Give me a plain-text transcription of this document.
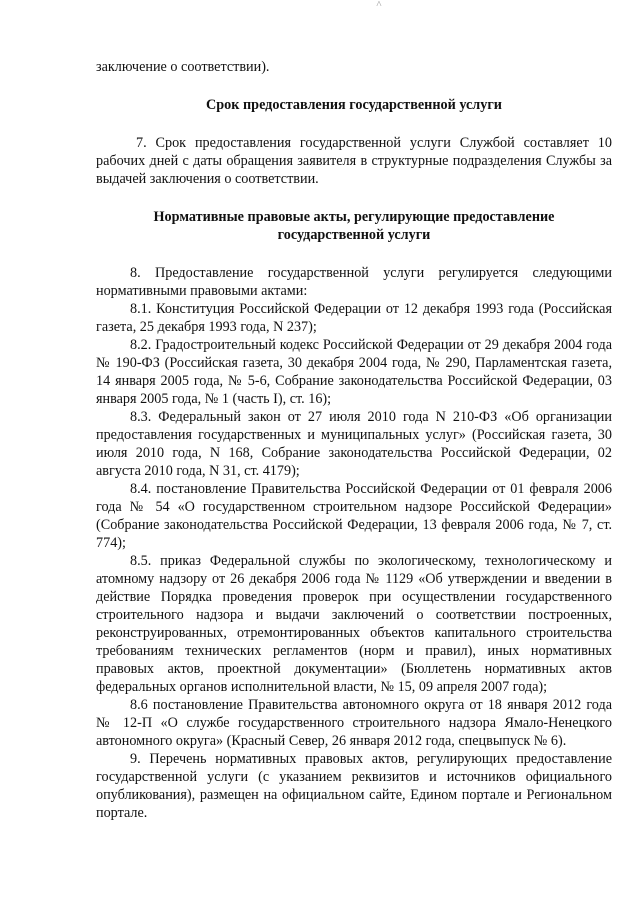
^

заключение о соответствии).

Срок предоставления государственной услуги

7. Срок предоставления государственной услуги Службой составляет 10 рабочих дней с даты обращения заявителя в структурные подразделения Службы за выдачей заключения о соответствии.

Нормативные правовые акты, регулирующие предоставление государственной услуги

8. Предоставление государственной услуги регулируется следующими нормативными правовыми актами:

8.1. Конституция Российской Федерации от 12 декабря 1993 года (Российская газета, 25 декабря 1993 года, N 237);

8.2. Градостроительный кодекс Российской Федерации от 29 декабря 2004 года № 190-ФЗ (Российская газета, 30 декабря 2004 года, № 290, Парламентская газета, 14 января 2005 года, № 5-6, Собрание законодательства Российской Федерации, 03 января 2005 года, № 1 (часть I), ст. 16);

8.3. Федеральный закон от 27 июля 2010 года N 210-ФЗ «Об организации предоставления государственных и муниципальных услуг» (Российская газета, 30 июля 2010 года, N 168, Собрание законодательства Российской Федерации, 02 августа 2010 года, N 31, ст. 4179);

8.4. постановление Правительства Российской Федерации от 01 февраля 2006 года № 54 «О государственном строительном надзоре Российской Федерации» (Собрание законодательства Российской Федерации, 13 февраля 2006 года, № 7, ст. 774);

8.5. приказ Федеральной службы по экологическому, технологическому и атомному надзору от 26 декабря 2006 года № 1129 «Об утверждении и введении в действие Порядка проведения проверок при осуществлении государственного строительного надзора и выдачи заключений о соответствии построенных, реконструированных, отремонтированных объектов капитального строительства требованиям технических регламентов (норм и правил), иных нормативных правовых актов, проектной документации» (Бюллетень нормативных актов федеральных органов исполнительной власти, № 15, 09 апреля 2007 года);

8.6 постановление Правительства автономного округа от 18 января 2012 года № 12-П «О службе государственного строительного надзора Ямало-Ненецкого автономного округа» (Красный Север, 26 января 2012 года, спецвыпуск № 6).

9. Перечень нормативных правовых актов, регулирующих предоставление государственной услуги (с указанием реквизитов и источников официального опубликования), размещен на официальном сайте, Едином портале и Региональном портале.
